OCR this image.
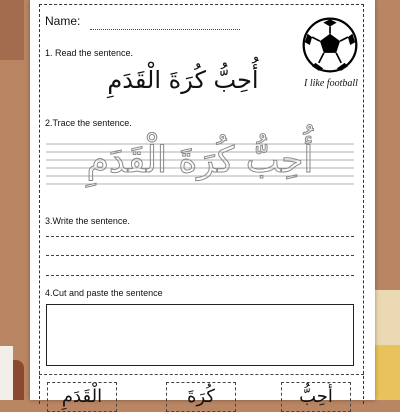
Name:
1. Read the sentence.
أُحِبُّ كُرَةَ الْقَدَمِ	I like football
2.Trace the sentence.
أُحِبُّ كُرَةَ الْقَدَمِ
3.Write the sentence.
4.Cut and paste the sentence
الْقَدَمِ	كُرَةَ	أُحِبُّ
